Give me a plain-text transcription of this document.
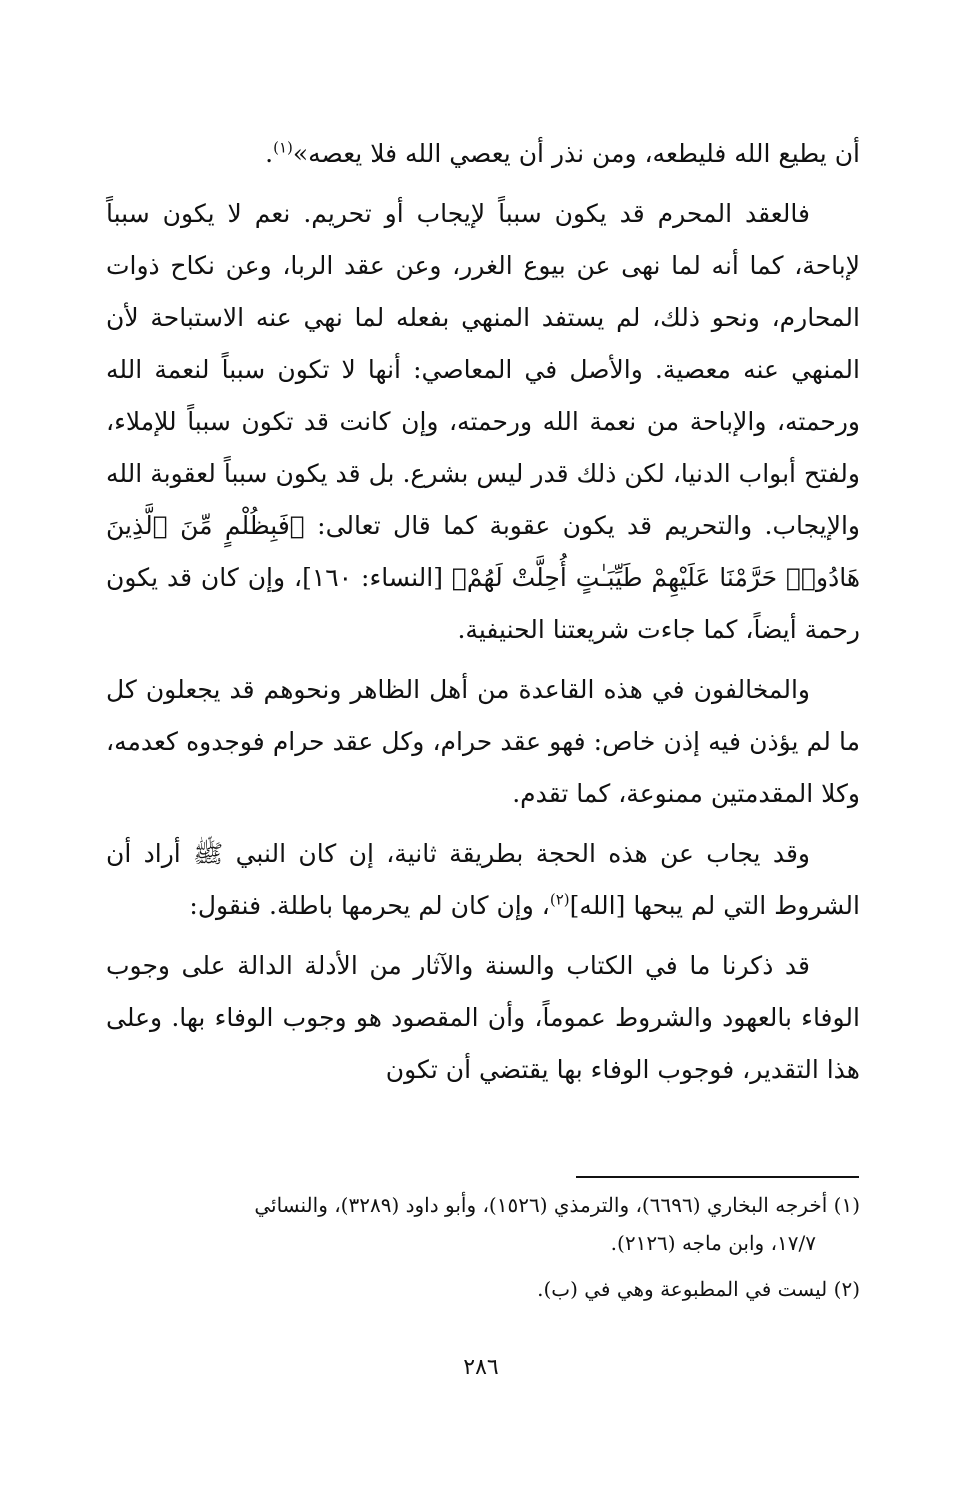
أن يطيع الله فليطعه، ومن نذر أن يعصي الله فلا يعصه»$^{(١)}$.

فالعقد المحرم قد يكون سبباً لإيجاب أو تحريم. نعم لا يكون سبباً لإباحة، كما أنه لما نهى عن بيوع الغرر، وعن عقد الربا، وعن نكاح ذوات المحارم، ونحو ذلك، لم يستفد المنهي بفعله لما نهي عنه الاستباحة لأن المنهي عنه معصية. والأصل في المعاصي: أنها لا تكون سبباً لنعمة الله ورحمته، والإباحة من نعمة الله ورحمته، وإن كانت قد تكون سبباً للإملاء، ولفتح أبواب الدنيا، لكن ذلك قدر ليس بشرع. بل قد يكون سبباً لعقوبة الله والإيجاب. والتحريم قد يكون عقوبة كما قال تعالى: ﴿فَبِظُلْمٍ مِّنَ ٱلَّذِينَ هَادُوا۟ حَرَّمْنَا عَلَيْهِمْ طَيِّبَـٰتٍ أُحِلَّتْ لَهُمْ﴾ [النساء: ١٦٠]، وإن كان قد يكون رحمة أيضاً، كما جاءت شريعتنا الحنيفية.

والمخالفون في هذه القاعدة من أهل الظاهر ونحوهم قد يجعلون كل ما لم يؤذن فيه إذن خاص: فهو عقد حرام، وكل عقد حرام فوجدوه كعدمه، وكلا المقدمتين ممنوعة، كما تقدم.

وقد يجاب عن هذه الحجة بطريقة ثانية، إن كان النبي ﷺ أراد أن الشروط التي لم يبحها [الله]$^{(٢)}$، وإن كان لم يحرمها باطلة. فنقول:

قد ذكرنا ما في الكتاب والسنة والآثار من الأدلة الدالة على وجوب الوفاء بالعهود والشروط عموماً، وأن المقصود هو وجوب الوفاء بها. وعلى هذا التقدير، فوجوب الوفاء بها يقتضي أن تكون

(١) أخرجه البخاري (٦٦٩٦)، والترمذي (١٥٢٦)، وأبو داود (٣٢٨٩)، والنسائي
١٧/٧، وابن ماجه (٢١٢٦).
(٢) ليست في المطبوعة وهي في (ب).
٢٨٦
